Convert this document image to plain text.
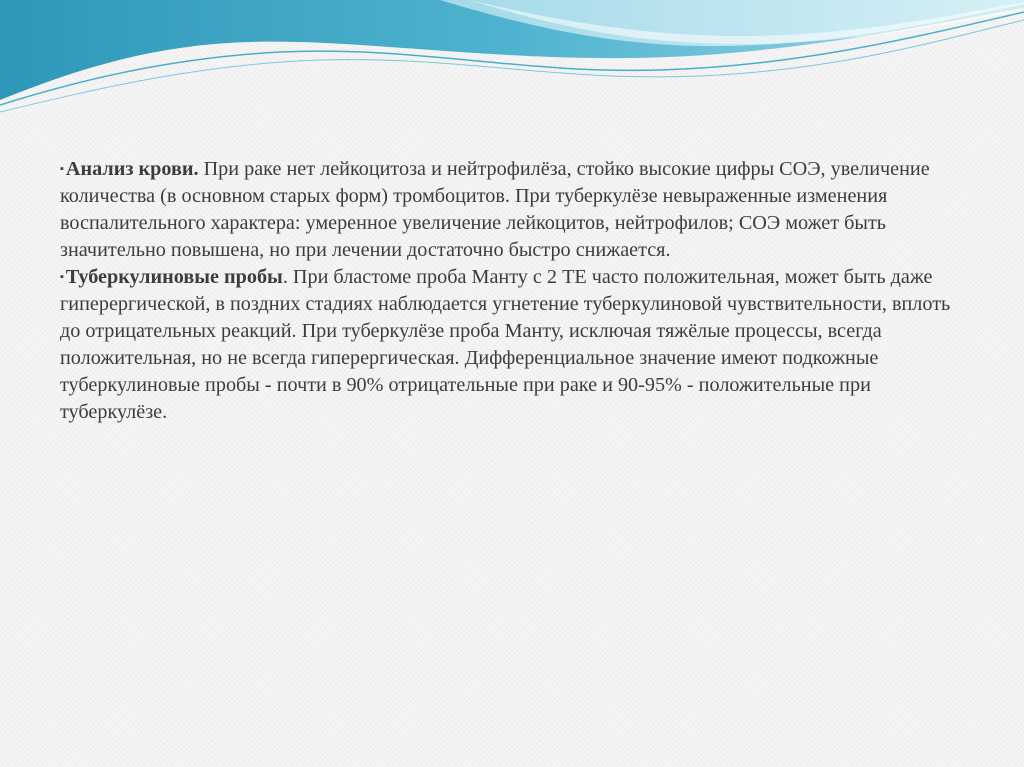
▪Анализ крови. При раке нет лейкоцитоза и нейтрофилёза, стойко высокие цифры СОЭ, увеличение количества (в основном старых форм) тромбоцитов. При туберкулёзе невыраженные изменения воспалительного характера: умеренное увеличение лейкоцитов, нейтрофилов; СОЭ может быть значительно повышена, но при лечении достаточно быстро снижается.

▪Туберкулиновые пробы. При бластоме проба Манту с 2 ТЕ часто положительная, может быть даже гиперергической, в поздних стадиях наблюдается угнетение туберкулиновой чувствительности, вплоть до отрицательных реакций. При туберкулёзе проба Манту, исключая тяжёлые процессы, всегда положительная, но не всегда гиперергическая. Дифференциальное значение имеют подкожные туберкулиновые пробы - почти в 90% отрицательные при раке и 90-95% - положительные при туберкулёзе.
